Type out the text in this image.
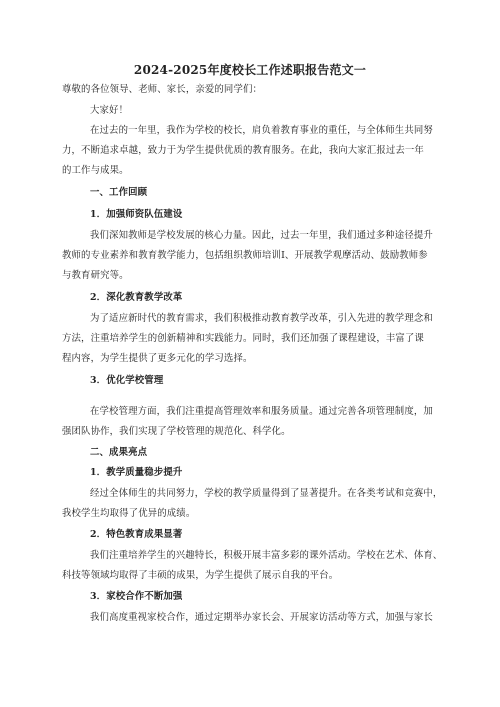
2024-2025年度校长工作述职报告范文一
尊敬的各位领导、老师、家长，亲爱的同学们：
大家好！
在过去的一年里，我作为学校的校长，肩负着教育事业的重任，与全体师生共同努
力，不断追求卓越，致力于为学生提供优质的教育服务。在此，我向大家汇报过去一年
的工作与成果。
一、工作回顾
1．加强师资队伍建设
我们深知教师是学校发展的核心力量。因此，过去一年里，我们通过多种途径提升
教师的专业素养和教育教学能力，包括组织教师培训I、开展教学观摩活动、鼓励教师参
与教育研究等。
2．深化教育教学改革
为了适应新时代的教育需求，我们积极推动教育教学改革，引入先进的教学理念和
方法，注重培养学生的创新精神和实践能力。同时，我们还加强了课程建设，丰富了课
程内容，为学生提供了更多元化的学习选择。
3．优化学校管理
在学校管理方面，我们注重提高管理效率和服务质量。通过完善各项管理制度，加
强团队协作，我们实现了学校管理的规范化、科学化。
二、成果亮点
1．教学质量稳步提升
经过全体师生的共同努力，学校的教学质量得到了显著提升。在各类考试和竞赛中，
我校学生均取得了优异的成绩。
2．特色教育成果显著
我们注重培养学生的兴趣特长，积极开展丰富多彩的课外活动。学校在艺术、体育、
科技等领域均取得了丰硕的成果，为学生提供了展示自我的平台。
3．家校合作不断加强
我们高度重视家校合作，通过定期举办家长会、开展家访活动等方式，加强与家长
